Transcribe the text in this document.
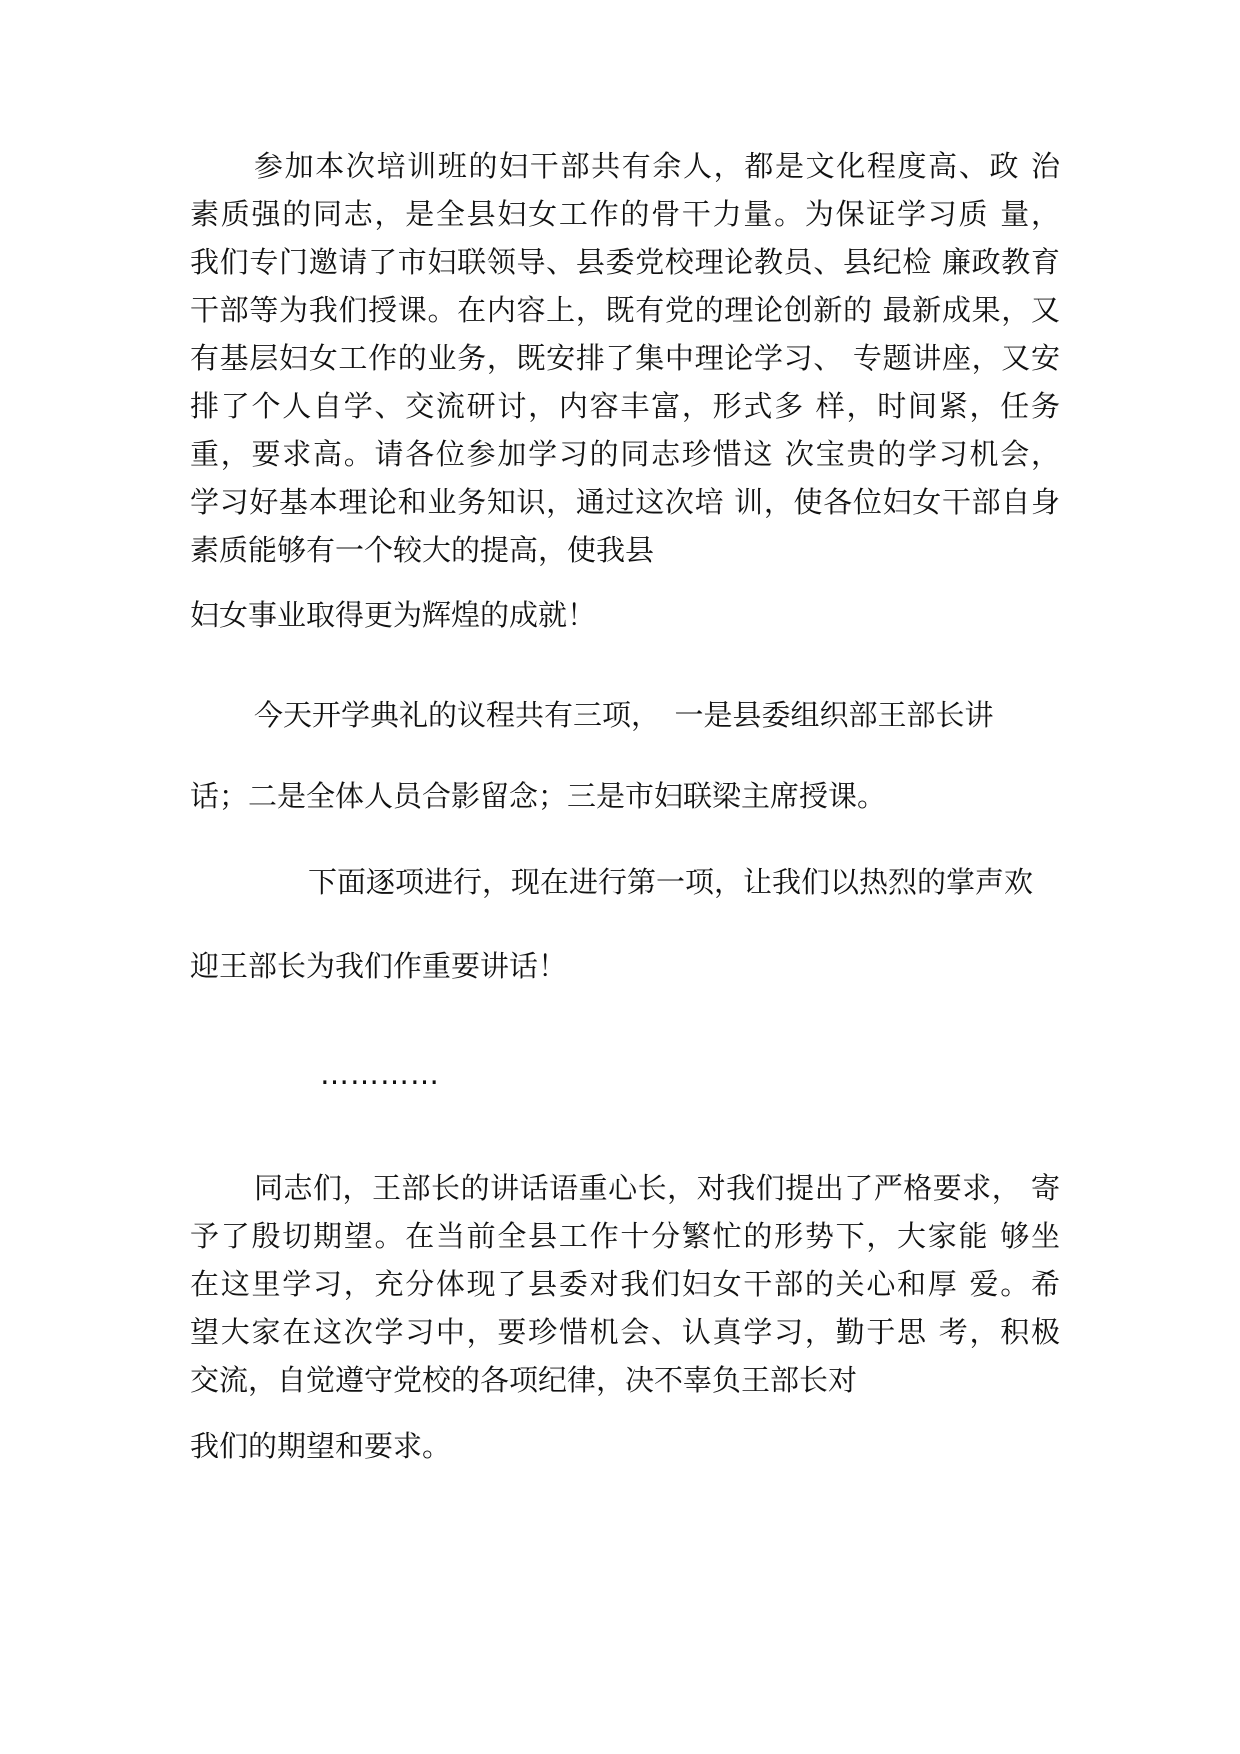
参加本次培训班的妇干部共有余人，都是文化程度高、政 治
素质强的同志，是全县妇女工作的骨干力量。为保证学习质 量，
我们专门邀请了市妇联领导、县委党校理论教员、县纪检 廉政教育
干部等为我们授课。在内容上，既有党的理论创新的 最新成果，又
有基层妇女工作的业务，既安排了集中理论学习、 专题讲座，又安
排了个人自学、交流研讨，内容丰富，形式多 样，时间紧，任务
重，要求高。请各位参加学习的同志珍惜这 次宝贵的学习机会，
学习好基本理论和业务知识，通过这次培 训，使各位妇女干部自身
素质能够有一个较大的提高，使我县
妇女事业取得更为辉煌的成就！
今天开学典礼的议程共有三项，　一是县委组织部王部长讲
话；二是全体人员合影留念；三是市妇联梁主席授课。
下面逐项进行，现在进行第一项，让我们以热烈的掌声欢
迎王部长为我们作重要讲话！
…………
同志们，王部长的讲话语重心长，对我们提出了严格要求， 寄
予了殷切期望。在当前全县工作十分繁忙的形势下，大家能 够坐
在这里学习，充分体现了县委对我们妇女干部的关心和厚 爱。希
望大家在这次学习中，要珍惜机会、认真学习，勤于思 考，积极
交流，自觉遵守党校的各项纪律，决不辜负王部长对
我们的期望和要求。
